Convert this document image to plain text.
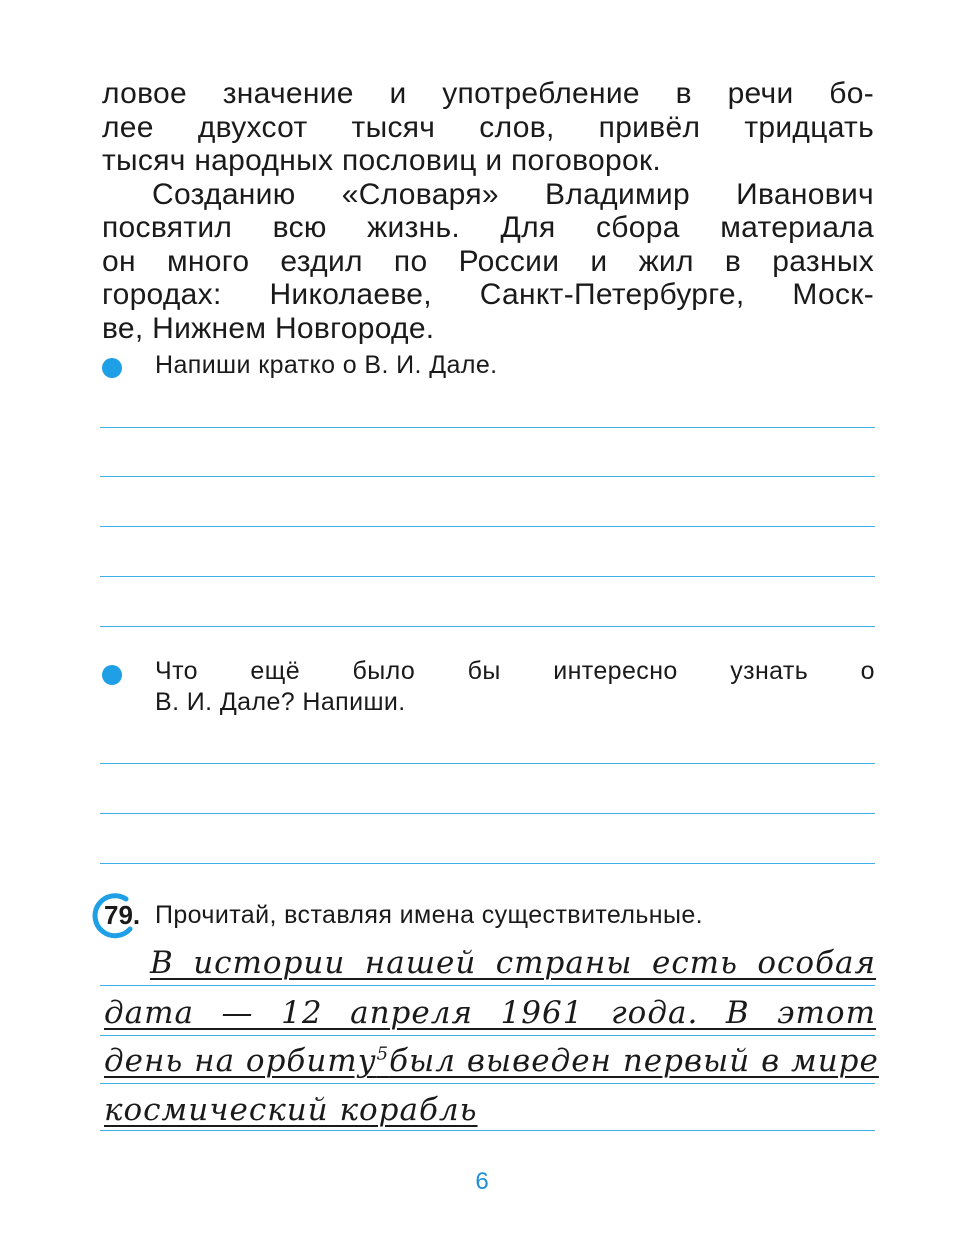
ловое значение и употребление в речи бо-

лее двухсот тысяч слов, привёл тридцать

тысяч народных пословиц и поговорок.

Созданию «Словаря» Владимир Иванович

посвятил всю жизнь. Для сбора материала

он много ездил по России и жил в разных

городах: Николаеве, Санкт-Петербурге, Моск-

ве, Нижнем Новгороде.

Напиши кратко о В. И. Дале.

Что ещё было бы интересно узнать о

В. И. Дале? Напиши.

79. Прочитай, вставляя имена существительные.

В истории нашей страны есть особая

дата — 12 апреля 1961 года. В этот

день на орбиту$^5$ был выведен первый в мире

космический корабль

6
